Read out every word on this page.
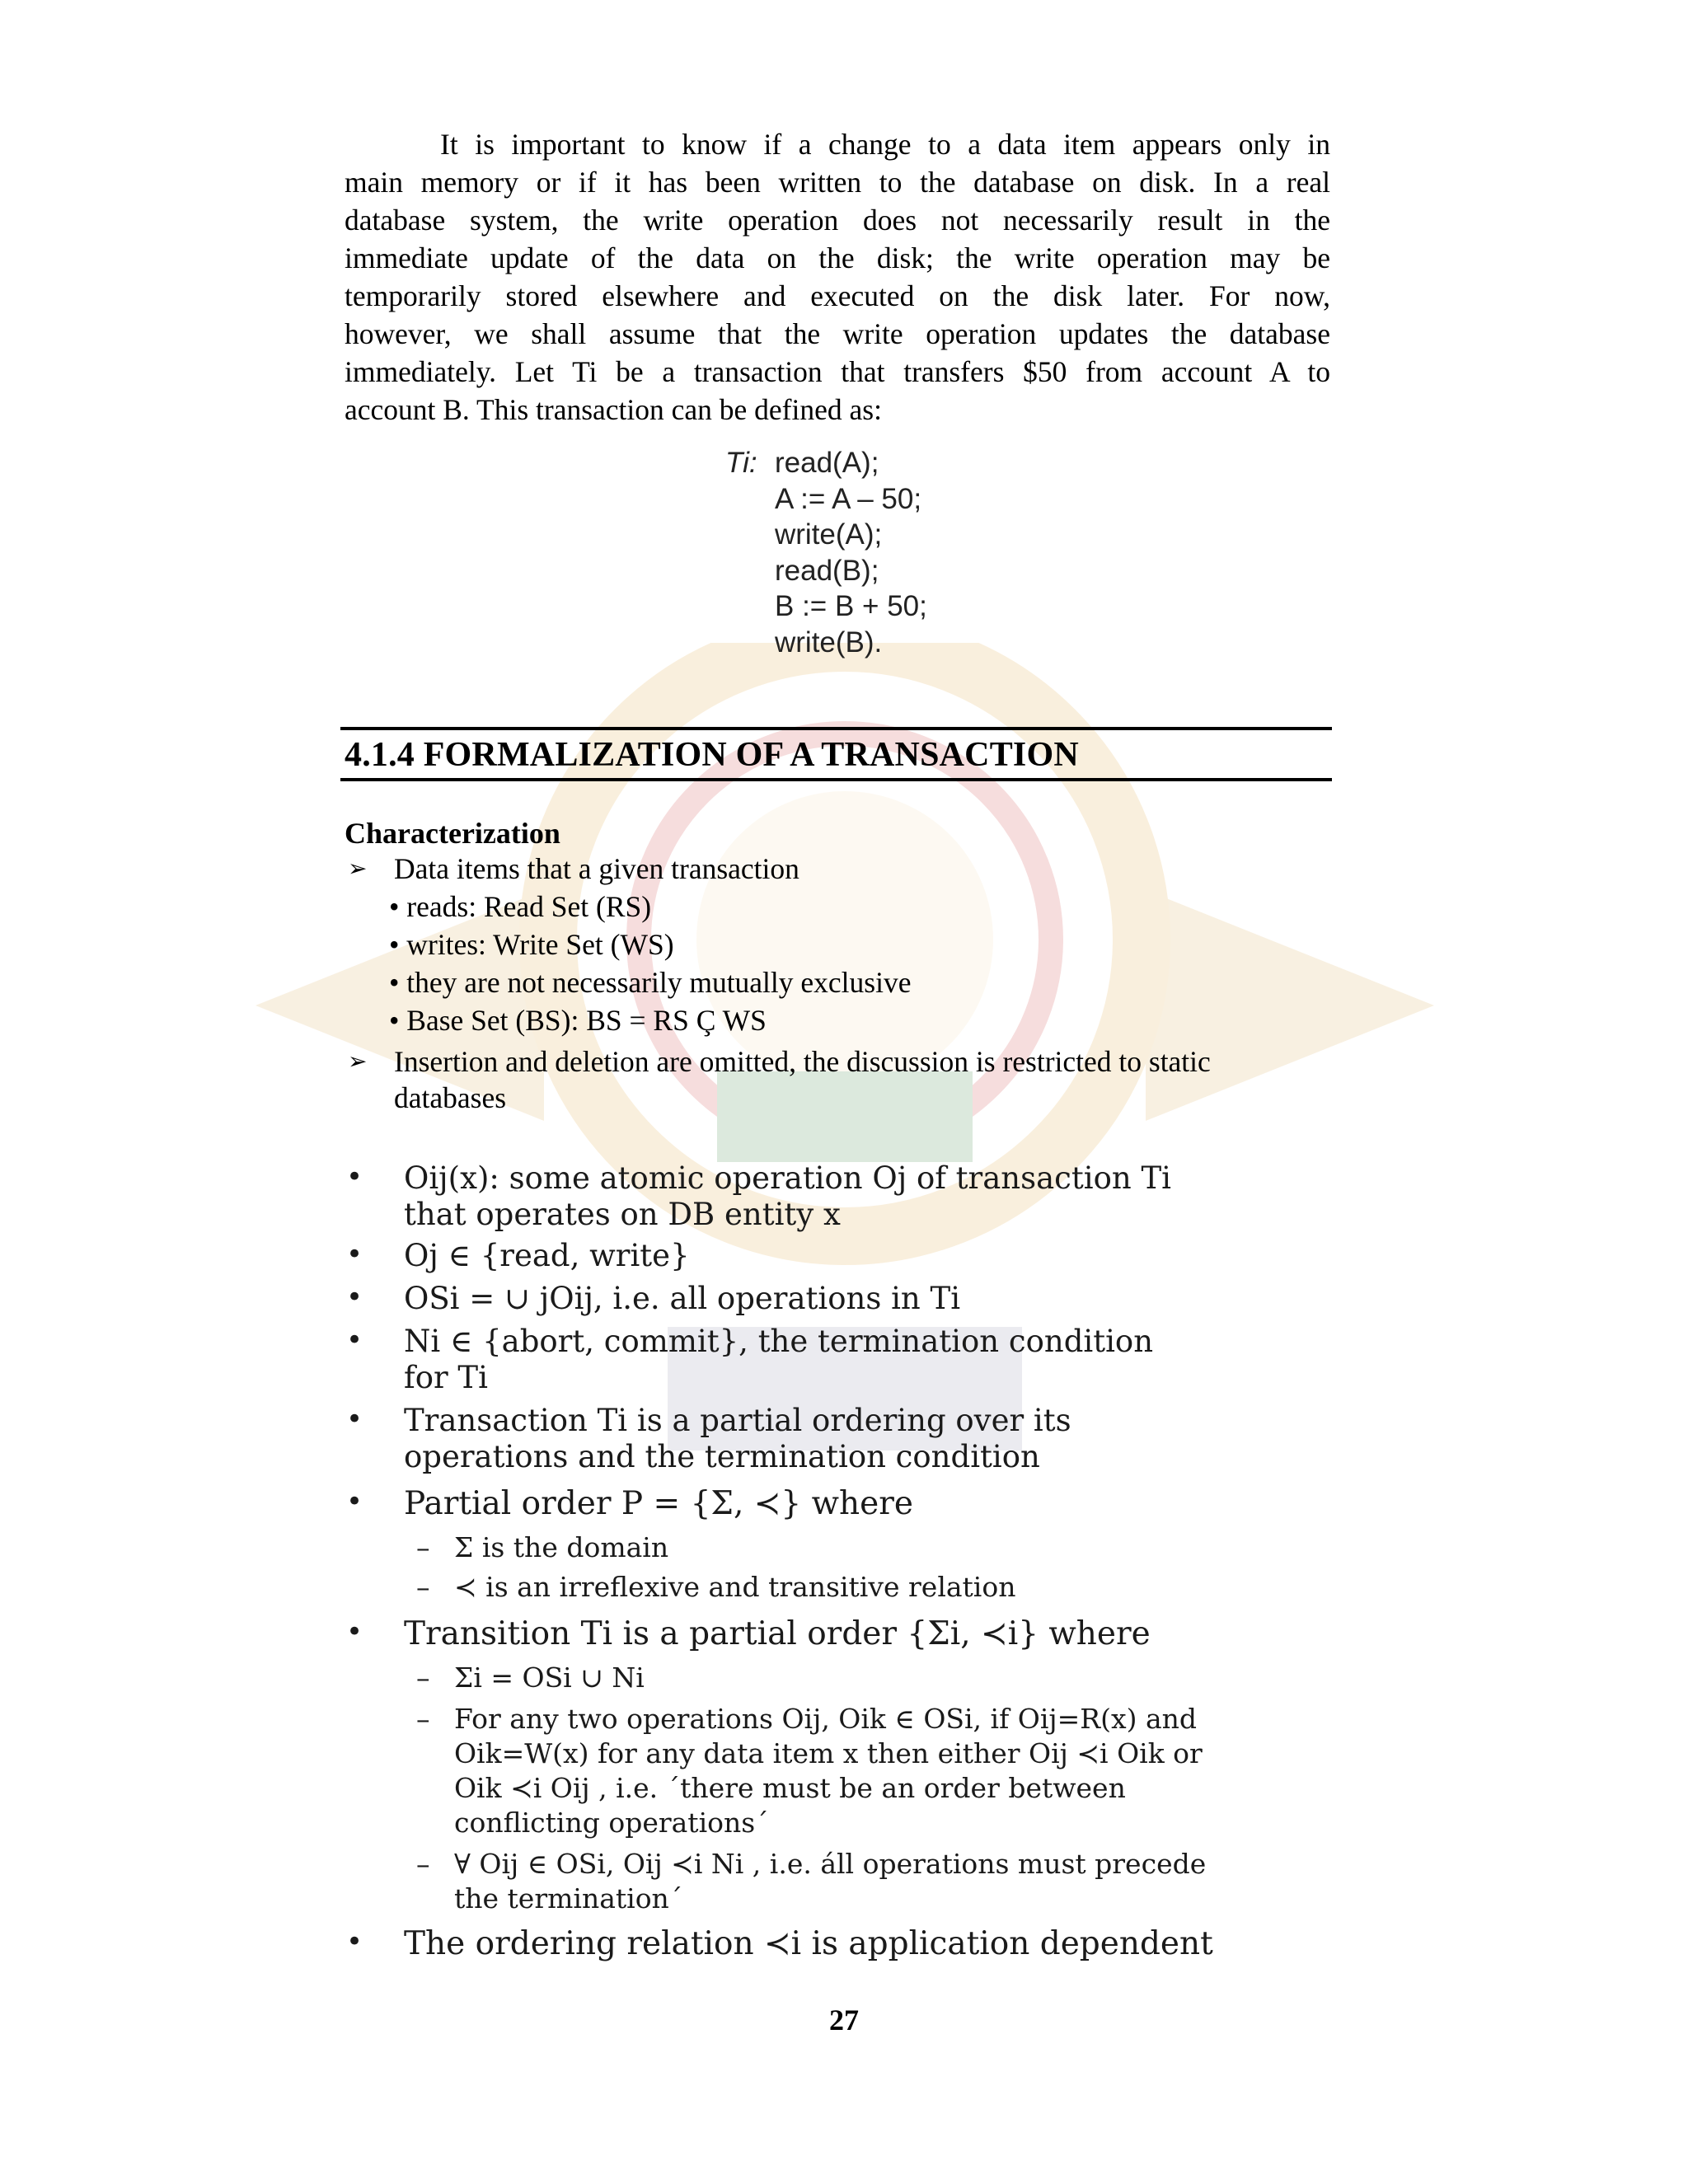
It is important to know if a change to a data item appears only in
main memory or if it has been written to the database on disk. In a real
database system, the write operation does not necessarily result in the
immediate update of the data on the disk; the write operation may be
temporarily stored elsewhere and executed on the disk later. For now,
however, we shall assume that the write operation updates the database
immediately. Let Ti be a transaction that transfers $50 from account A to
account B. This transaction can be defined as:
Ti: read(A);
A := A – 50;
write(A);
read(B);
B := B + 50;
write(B).
4.1.4 FORMALIZATION OF A TRANSACTION
Characterization
➢ Data items that a given transaction
• reads: Read Set (RS)
• writes: Write Set (WS)
• they are not necessarily mutually exclusive
• Base Set (BS): BS = RS Ç WS
➢ Insertion and deletion are omitted, the discussion is restricted to static
databases
• Oij(x): some atomic operation Oj of transaction Ti
that operates on DB entity x
• Oj ∈ {read, write}
• OSi = ∪ jOij, i.e. all operations in Ti
• Ni ∈ {abort, commit}, the termination condition
for Ti
• Transaction Ti is a partial ordering over its
operations and the termination condition
• Partial order P = {Σ, ≺} where
– Σ is the domain
– ≺ is an irreflexive and transitive relation
• Transition Ti is a partial order {Σi, ≺i} where
– Σi = OSi ∪ Ni
– For any two operations Oij, Oik ∈ OSi, if Oij=R(x) and
Oik=W(x) for any data item x then either Oij ≺i Oik or
Oik ≺i Oij , i.e. ´there must be an order between
conflicting operations´
– ∀ Oij ∈ OSi, Oij ≺i Ni , i.e. áll operations must precede
the termination´
• The ordering relation ≺i is application dependent

27
